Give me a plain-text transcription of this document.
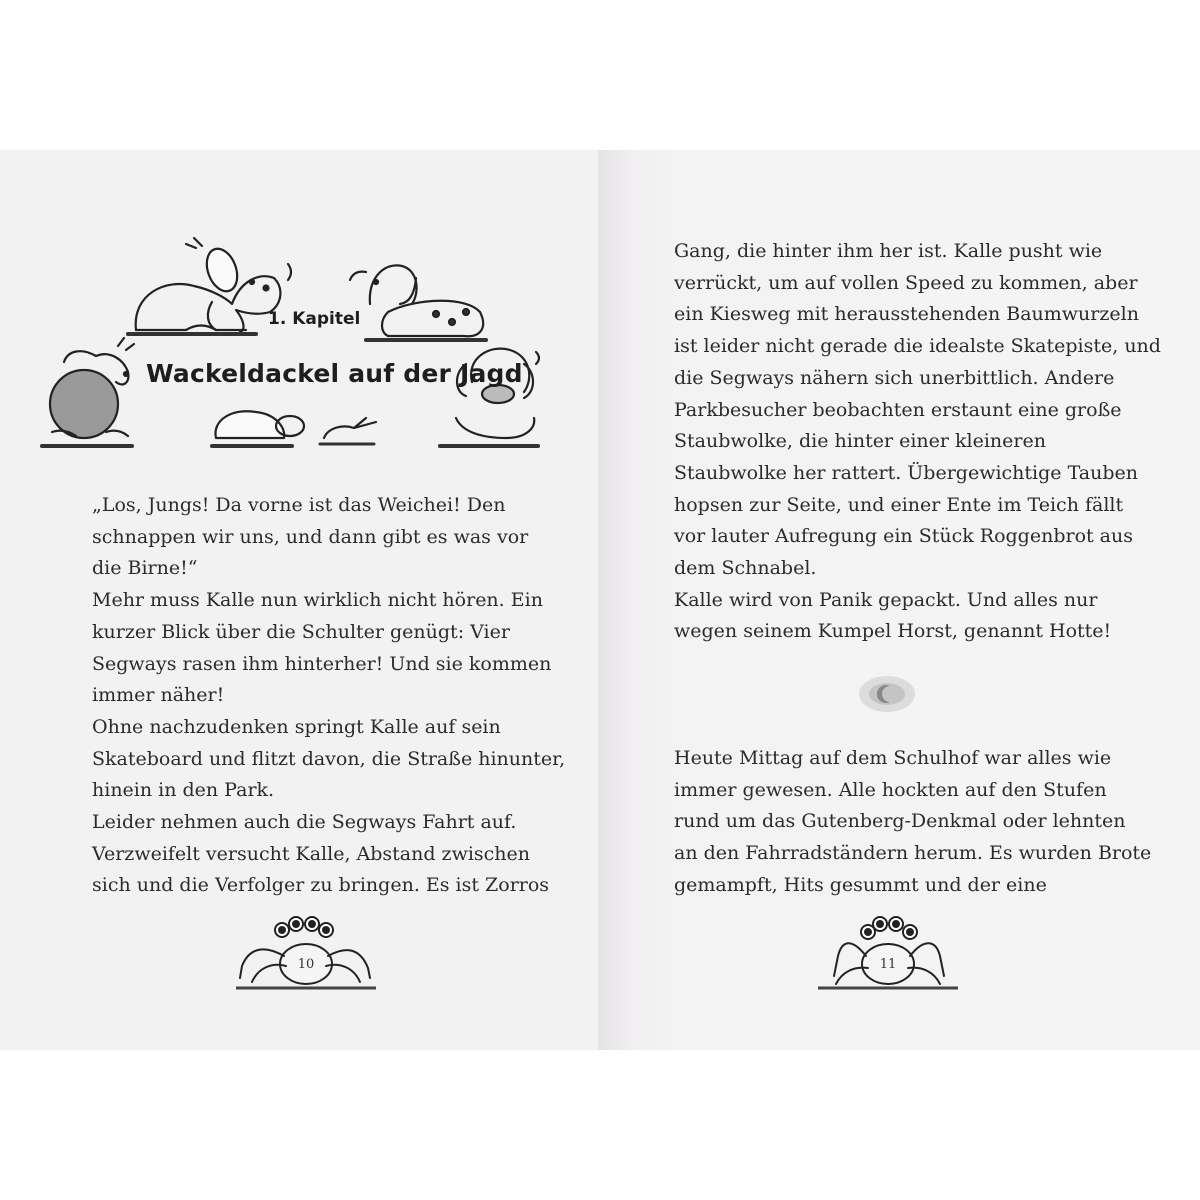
1. Kapitel
Wackeldackel auf der Jagd
„Los, Jungs! Da vorne ist das Weichei! Den
schnappen wir uns, und dann gibt es was vor
die Birne!“
Mehr muss Kalle nun wirklich nicht hören. Ein
kurzer Blick über die Schulter genügt: Vier
Segways rasen ihm hinterher! Und sie kommen
immer näher!
Ohne nachzudenken springt Kalle auf sein
Skateboard und flitzt davon, die Straße hinunter,
hinein in den Park.
Leider nehmen auch die Segways Fahrt auf.
Verzweifelt versucht Kalle, Abstand zwischen
sich und die Verfolger zu bringen. Es ist Zorros
Gang, die hinter ihm her ist. Kalle pusht wie
verrückt, um auf vollen Speed zu kommen, aber
ein Kiesweg mit herausstehenden Baumwurzeln
ist leider nicht gerade die idealste Skatepiste, und
die Segways nähern sich unerbittlich. Andere
Parkbesucher beobachten erstaunt eine große
Staubwolke, die hinter einer kleineren
Staubwolke her rattert. Übergewichtige Tauben
hopsen zur Seite, und einer Ente im Teich fällt
vor lauter Aufregung ein Stück Roggenbrot aus
dem Schnabel.
Kalle wird von Panik gepackt. Und alles nur
wegen seinem Kumpel Horst, genannt Hotte!
Heute Mittag auf dem Schulhof war alles wie
immer gewesen. Alle hockten auf den Stufen
rund um das Gutenberg-Denkmal oder lehnten
an den Fahrradständern herum. Es wurden Brote
gemampft, Hits gesummt und der eine
10	11
